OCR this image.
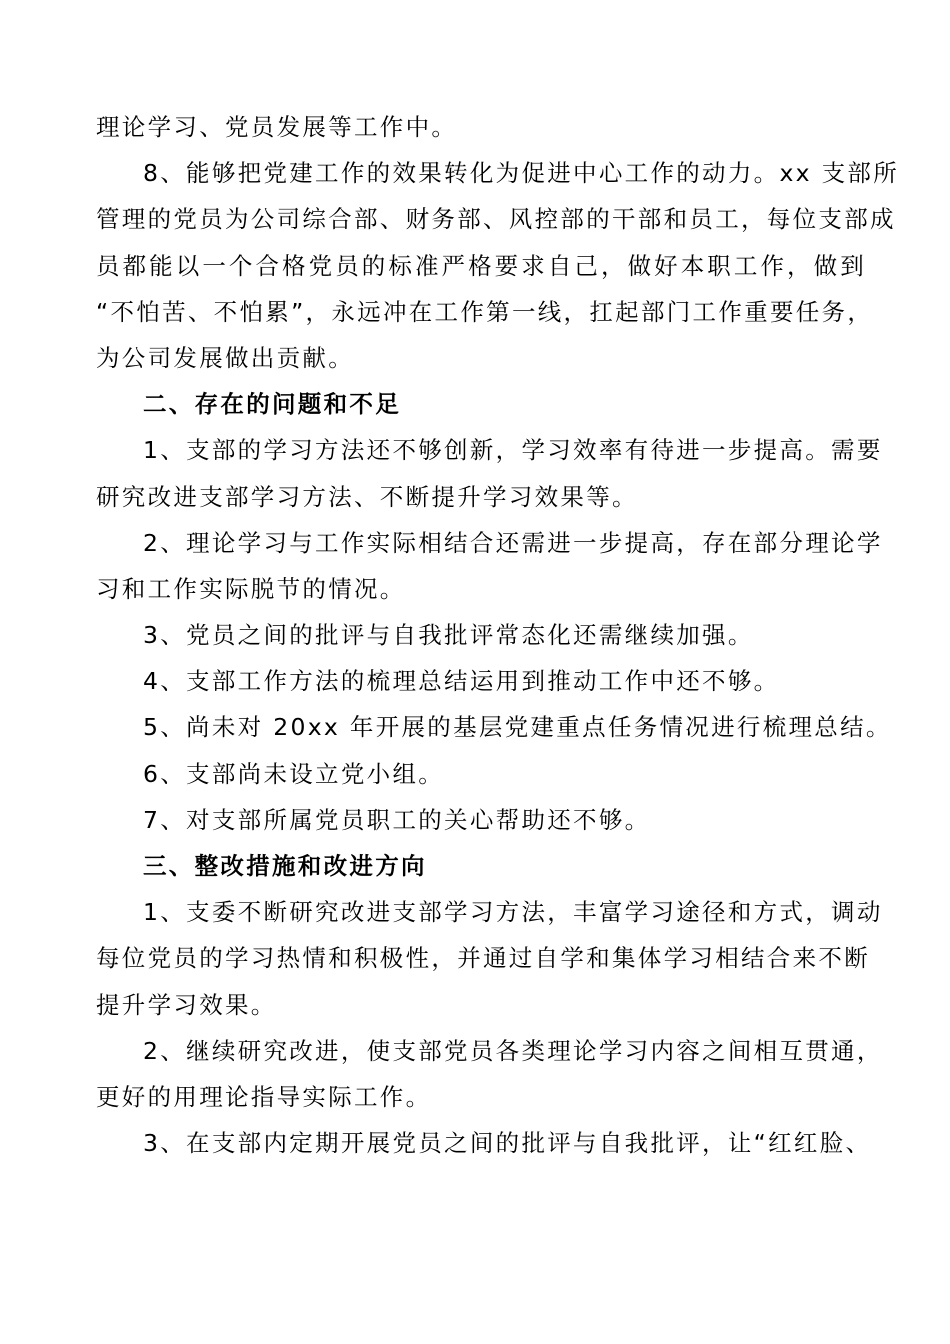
理论学习、党员发展等工作中。
8、能够把党建工作的效果转化为促进中心工作的动力。xx 支部所
管理的党员为公司综合部、财务部、风控部的干部和员工，每位支部成
员都能以一个合格党员的标准严格要求自己，做好本职工作，做到
“不怕苦、不怕累”，永远冲在工作第一线，扛起部门工作重要任务，
为公司发展做出贡献。
二、存在的问题和不足
1、支部的学习方法还不够创新，学习效率有待进一步提高。需要
研究改进支部学习方法、不断提升学习效果等。
2、理论学习与工作实际相结合还需进一步提高，存在部分理论学
习和工作实际脱节的情况。
3、党员之间的批评与自我批评常态化还需继续加强。
4、支部工作方法的梳理总结运用到推动工作中还不够。
5、尚未对 20xx 年开展的基层党建重点任务情况进行梳理总结。
6、支部尚未设立党小组。
7、对支部所属党员职工的关心帮助还不够。
三、整改措施和改进方向
1、支委不断研究改进支部学习方法，丰富学习途径和方式，调动
每位党员的学习热情和积极性，并通过自学和集体学习相结合来不断
提升学习效果。
2、继续研究改进，使支部党员各类理论学习内容之间相互贯通，
更好的用理论指导实际工作。
3、在支部内定期开展党员之间的批评与自我批评，让“红红脸、
